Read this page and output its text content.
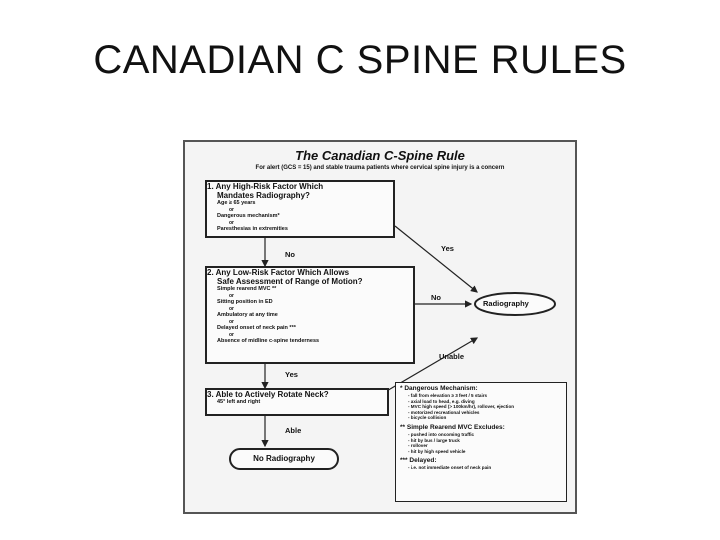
CANADIAN C SPINE RULES
The Canadian C-Spine Rule
For alert (GCS = 15) and stable trauma patients where cervical spine injury is a concern
1. Any High-Risk Factor Which
Mandates Radiography?
Age ≥ 65 years
or
Dangerous mechanism*
or
Paresthesias in extremities
No
Yes
2. Any Low-Risk Factor Which Allows
Safe Assessment of Range of Motion?
Simple rearend MVC **
or
Sitting position in ED
or
Ambulatory at any time
or
Delayed onset of neck pain ***
or
Absence of midline c-spine tenderness
No
Radiography
Yes
Unable
3. Able to Actively Rotate Neck?
45° left and right
Able
No Radiography
* Dangerous Mechanism:
- fall from elevation ≥ 3 feet / 5 stairs
- axial load to head, e.g. diving
- MVC high speed (> 100km/hr), rollover, ejection
- motorized recreational vehicles
- bicycle collision
** Simple Rearend MVC Excludes:
- pushed into oncoming traffic
- hit by bus / large truck
- rollover
- hit by high speed vehicle
*** Delayed:
- i.e. not immediate onset of neck pain
